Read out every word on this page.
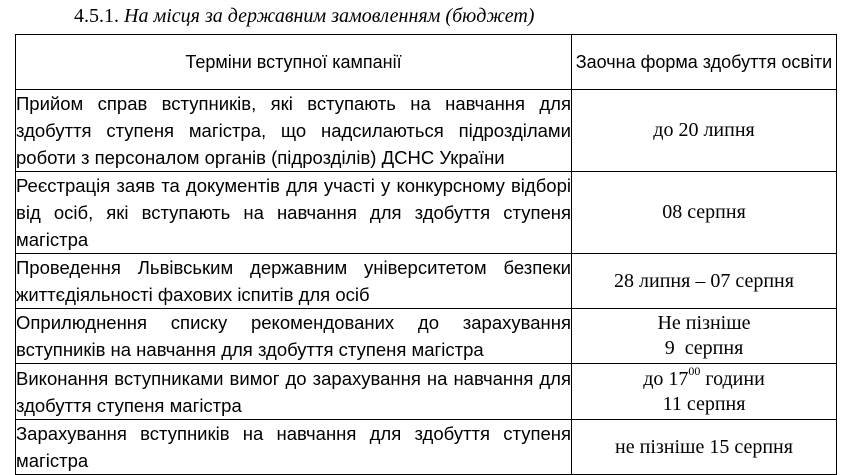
4.5.1. На місця за державним замовленням (бюджет)
Терміни вступної кампанії	Заочна форма здобуття освіти
Прийом справ вступників, які вступають на навчання для здобуття ступеня магістра, що надсилаються підрозділами роботи з персоналом органів (підрозділів) ДСНС України	до 20 липня
Реєстрація заяв та документів для участі у конкурсному відборі від осіб, які вступають на навчання для здобуття ступеня магістра	08 серпня
Проведення Львівським державним університетом безпеки життєдіяльності фахових іспитів для осіб	28 липня – 07 серпня
Оприлюднення списку рекомендованих до зарахування вступників на навчання для здобуття ступеня магістра	Не пізніше
9  серпня

Виконання вступниками вимог до зарахування на навчання для здобуття ступеня магістра	до $17^{00}$ години
11 серпня

Зарахування вступників на навчання для здобуття ступеня магістра	не пізніше 15 серпня
